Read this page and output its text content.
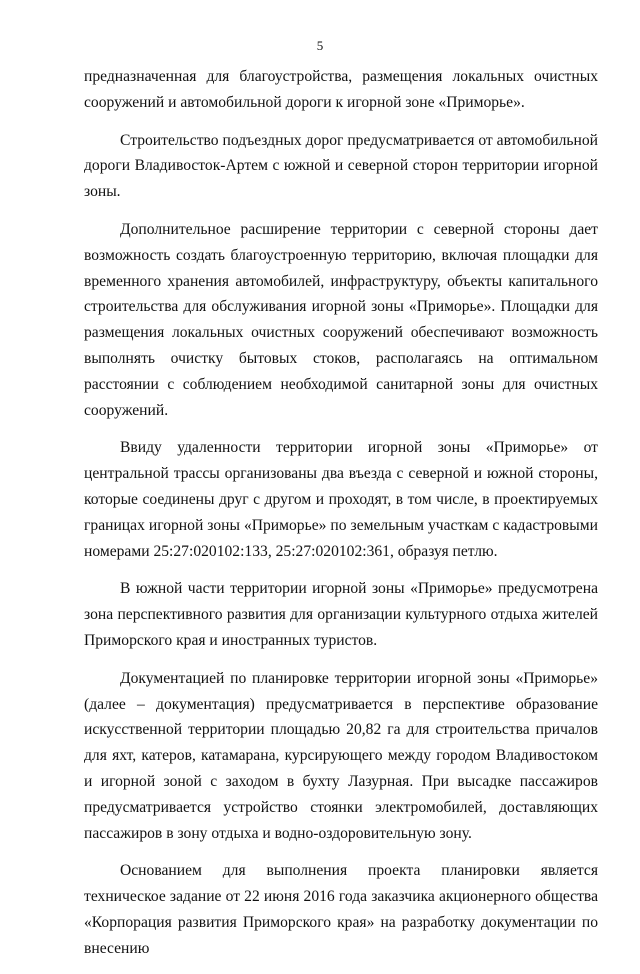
5

предназначенная для благоустройства, размещения локальных очистных сооружений и автомобильной дороги к игорной зоне «Приморье».

Строительство подъездных дорог предусматривается от автомобильной дороги Владивосток-Артем с южной и северной сторон территории игорной зоны.

Дополнительное расширение территории с северной стороны дает возможность создать благоустроенную территорию, включая площадки для временного хранения автомобилей, инфраструктуру, объекты капитального строительства для обслуживания игорной зоны «Приморье». Площадки для размещения локальных очистных сооружений обеспечивают возможность выполнять очистку бытовых стоков, располагаясь на оптимальном расстоянии с соблюдением необходимой санитарной зоны для очистных сооружений.

Ввиду удаленности территории игорной зоны «Приморье» от центральной трассы организованы два въезда с северной и южной стороны, которые соединены друг с другом и проходят, в том числе, в проектируемых границах игорной зоны «Приморье» по земельным участкам с кадастровыми номерами 25:27:020102:133, 25:27:020102:361, образуя петлю.

В южной части территории игорной зоны «Приморье» предусмотрена зона перспективного развития для организации культурного отдыха жителей Приморского края и иностранных туристов.

Документацией по планировке территории игорной зоны «Приморье» (далее – документация) предусматривается в перспективе образование искусственной территории площадью 20,82 га для строительства причалов для яхт, катеров, катамарана, курсирующего между городом Владивостоком и игорной зоной с заходом в бухту Лазурная. При высадке пассажиров предусматривается устройство стоянки электромобилей, доставляющих пассажиров в зону отдыха и водно-оздоровительную зону.

Основанием для выполнения проекта планировки является техническое задание от 22 июня 2016 года заказчика акционерного общества «Корпорация развития Приморского края» на разработку документации по внесению
